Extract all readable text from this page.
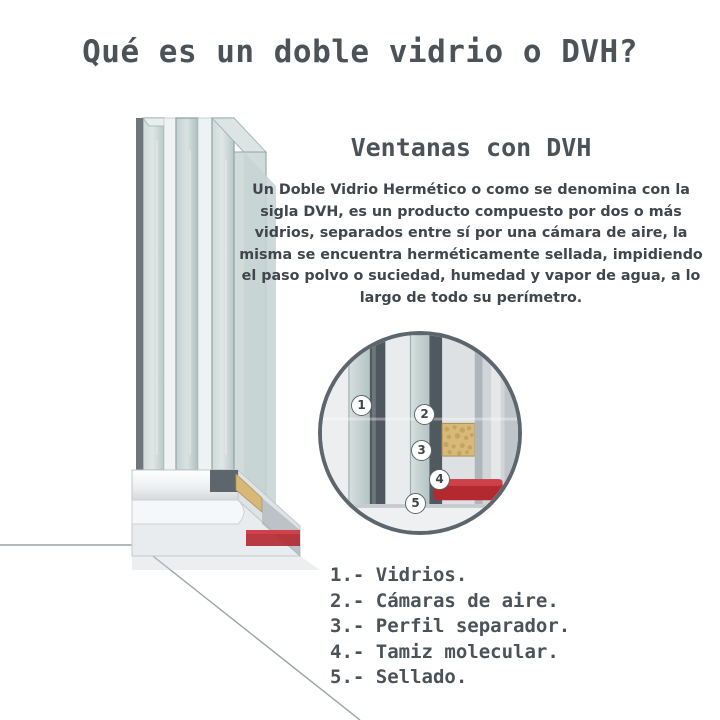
Qué es un doble vidrio o DVH?
1
2
3
4
5
Ventanas con DVH
Un Doble Vidrio Hermético o como se denomina con la sigla DVH, es un producto compuesto por dos o más vidrios, separados entre sí por una cámara de aire, la misma se encuentra herméticamente sellada, impidiendo el paso polvo o suciedad, humedad y vapor de agua, a lo largo de todo su perímetro.
1.- Vidrios.
2.- Cámaras de aire.
3.- Perfil separador.
4.- Tamiz molecular.
5.- Sellado.
